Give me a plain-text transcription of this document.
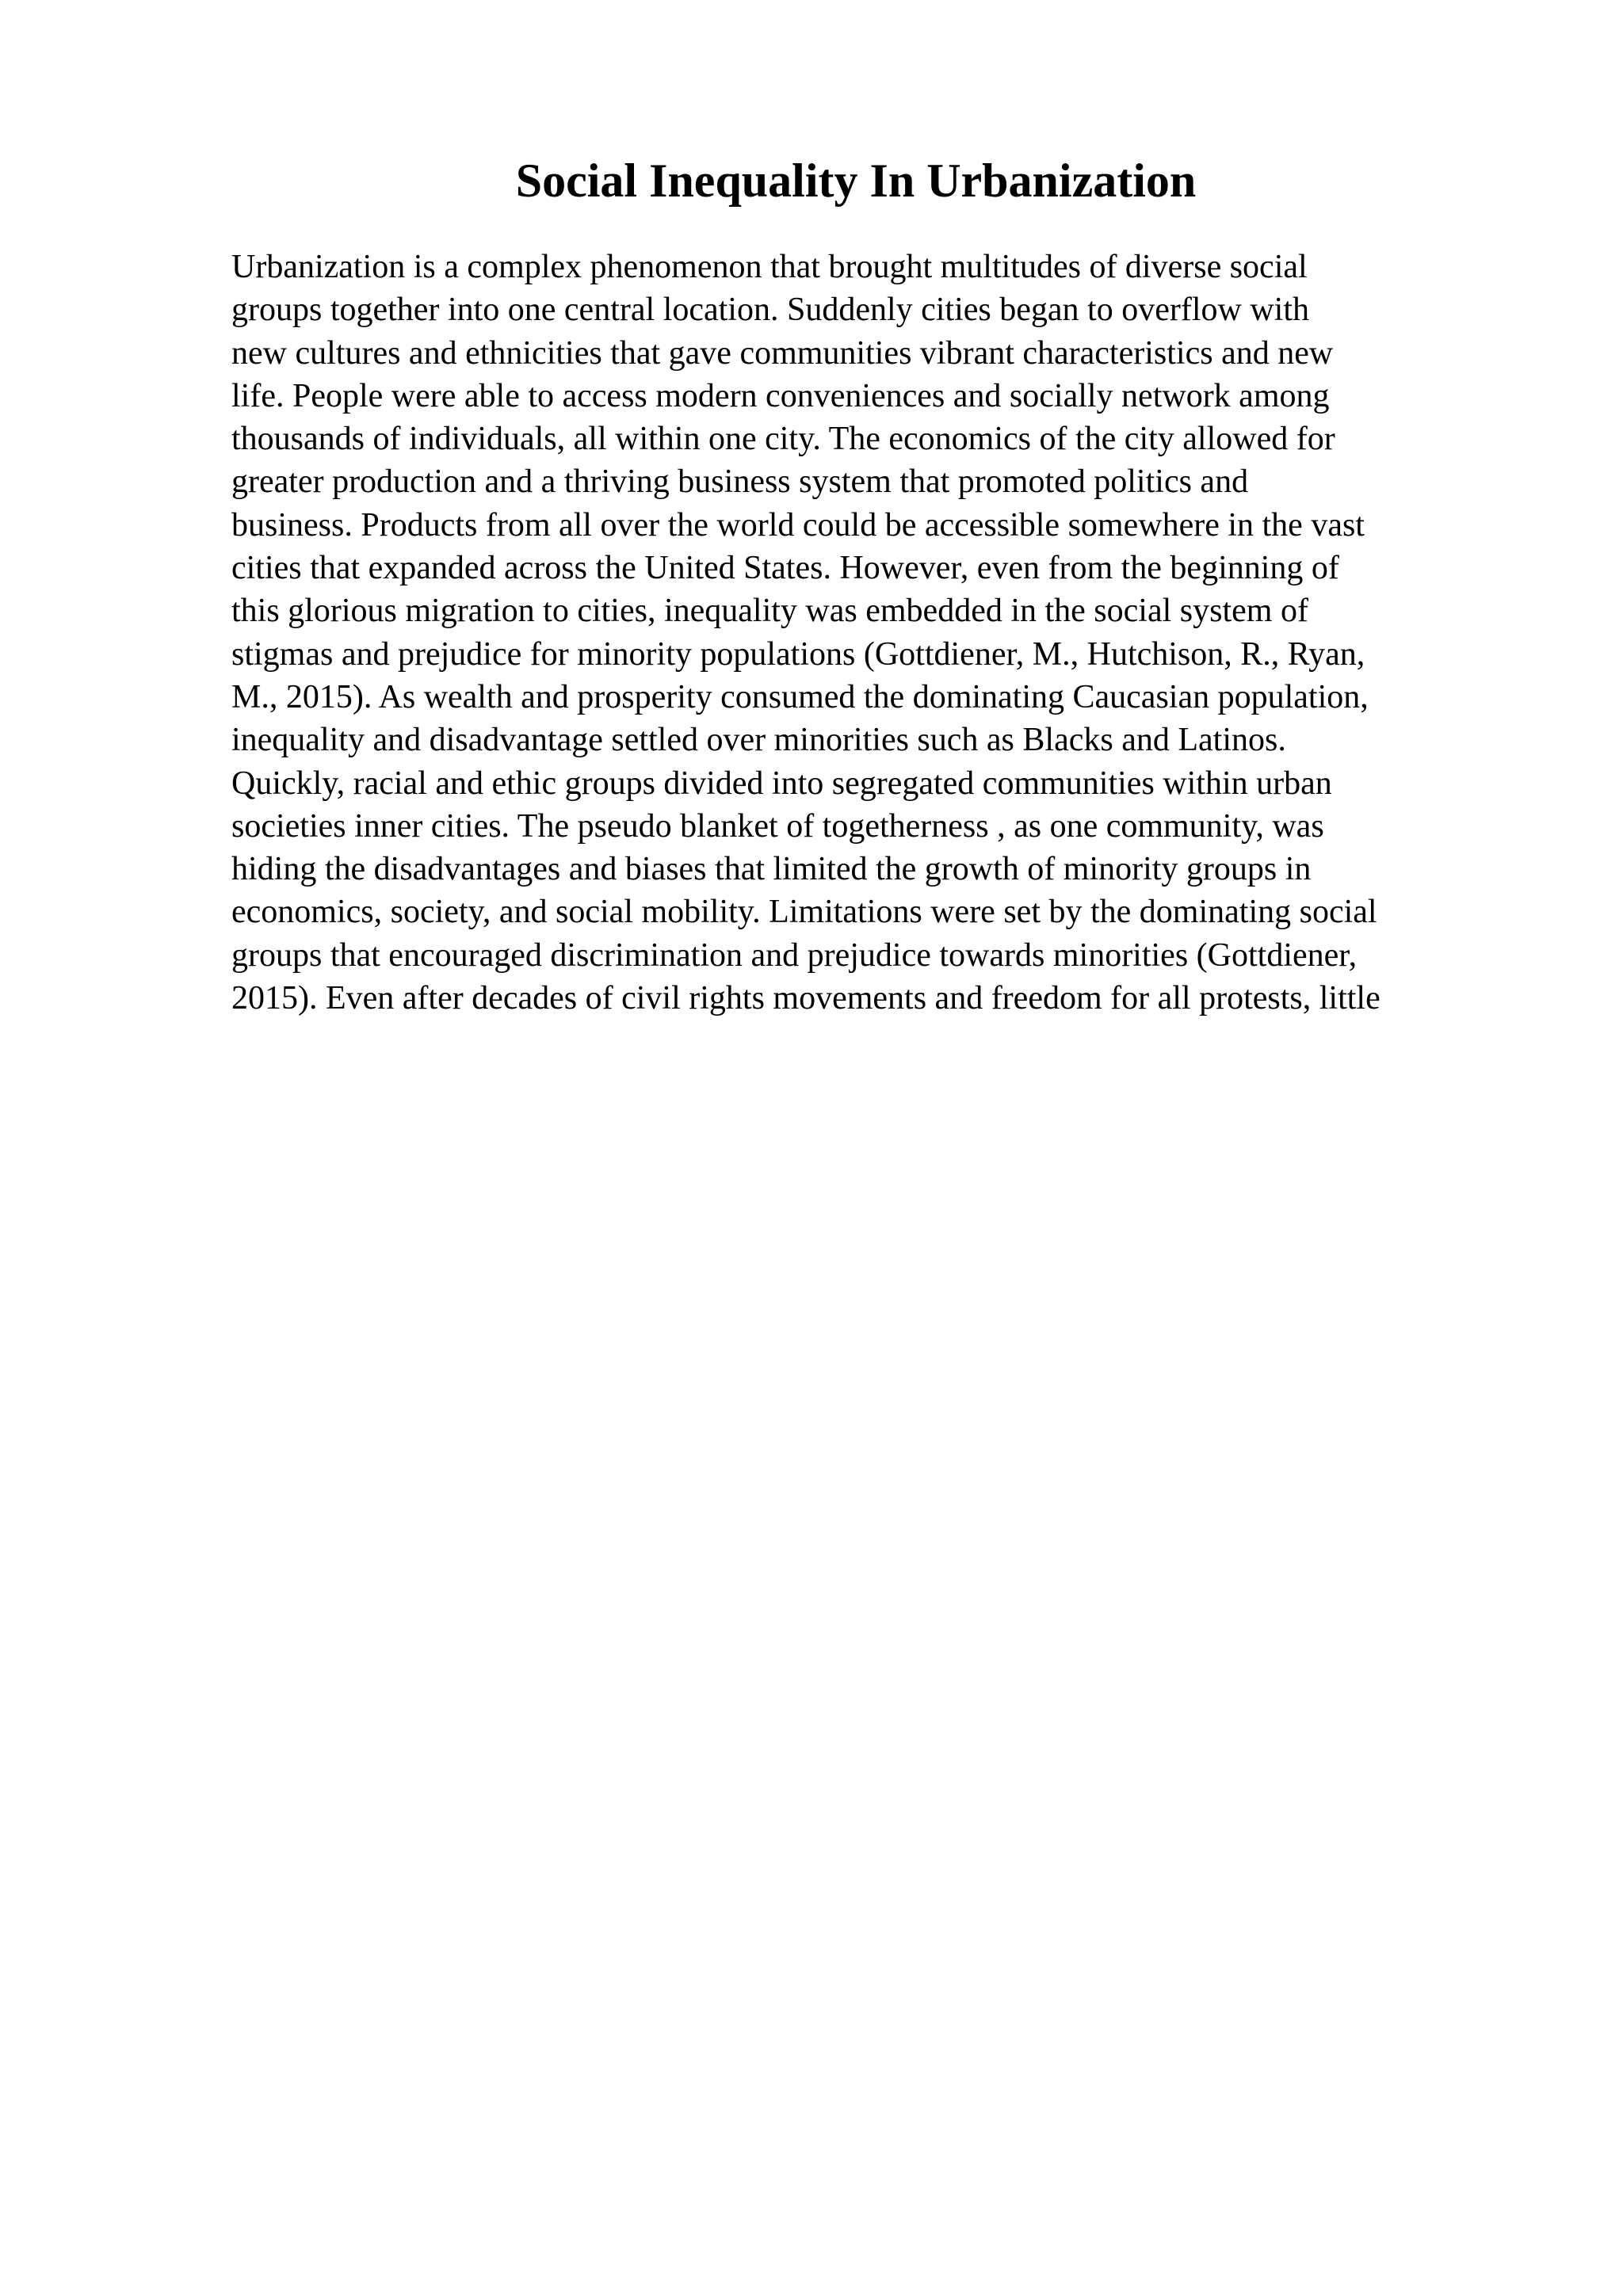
Social Inequality In Urbanization
Urbanization is a complex phenomenon that brought multitudes of diverse social
groups together into one central location. Suddenly cities began to overflow with
new cultures and ethnicities that gave communities vibrant characteristics and new
life. People were able to access modern conveniences and socially network among
thousands of individuals, all within one city. The economics of the city allowed for
greater production and a thriving business system that promoted politics and
business. Products from all over the world could be accessible somewhere in the vast
cities that expanded across the United States. However, even from the beginning of
this glorious migration to cities, inequality was embedded in the social system of
stigmas and prejudice for minority populations (Gottdiener, M., Hutchison, R., Ryan,
M., 2015). As wealth and prosperity consumed the dominating Caucasian population,
inequality and disadvantage settled over minorities such as Blacks and Latinos.
Quickly, racial and ethic groups divided into segregated communities within urban
societies inner cities. The pseudo blanket of togetherness , as one community, was
hiding the disadvantages and biases that limited the growth of minority groups in
economics, society, and social mobility. Limitations were set by the dominating social
groups that encouraged discrimination and prejudice towards minorities (Gottdiener,
2015). Even after decades of civil rights movements and freedom for all protests, little
